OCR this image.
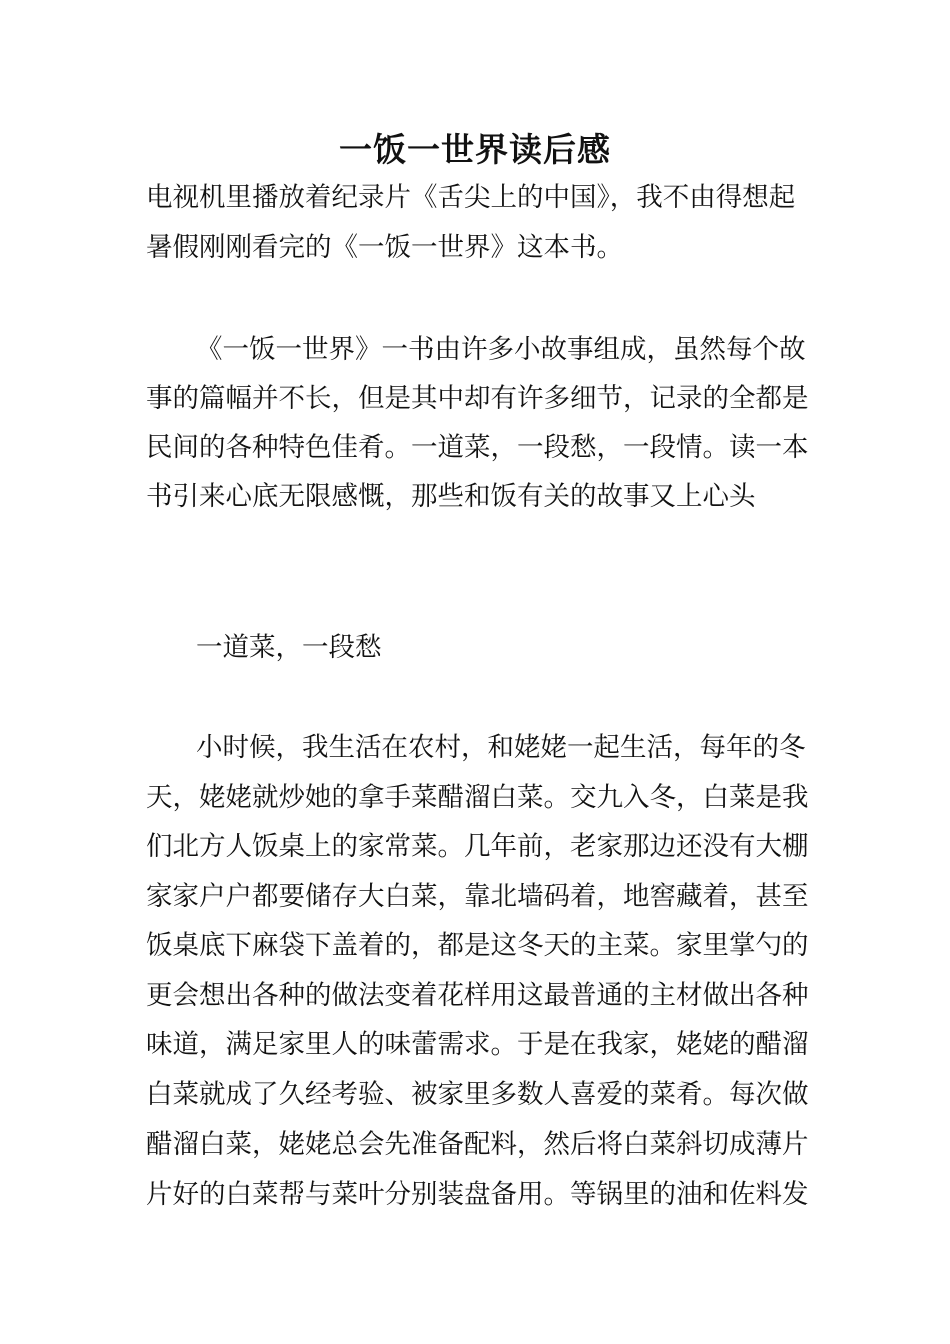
一饭一世界读后感
电视机里播放着纪录片《舌尖上的中国》，我不由得想起
暑假刚刚看完的《一饭一世界》这本书。
《一饭一世界》一书由许多小故事组成，虽然每个故
事的篇幅并不长，但是其中却有许多细节，记录的全都是
民间的各种特色佳肴。一道菜，一段愁，一段情。读一本
书引来心底无限感慨，那些和饭有关的故事又上心头
一道菜，一段愁
小时候，我生活在农村，和姥姥一起生活，每年的冬
天，姥姥就炒她的拿手菜醋溜白菜。交九入冬，白菜是我
们北方人饭桌上的家常菜。几年前，老家那边还没有大棚
家家户户都要储存大白菜，靠北墙码着，地窖藏着，甚至
饭桌底下麻袋下盖着的，都是这冬天的主菜。家里掌勺的
更会想出各种的做法变着花样用这最普通的主材做出各种
味道，满足家里人的味蕾需求。于是在我家，姥姥的醋溜
白菜就成了久经考验、被家里多数人喜爱的菜肴。每次做
醋溜白菜，姥姥总会先准备配料，然后将白菜斜切成薄片
片好的白菜帮与菜叶分别装盘备用。等锅里的油和佐料发
